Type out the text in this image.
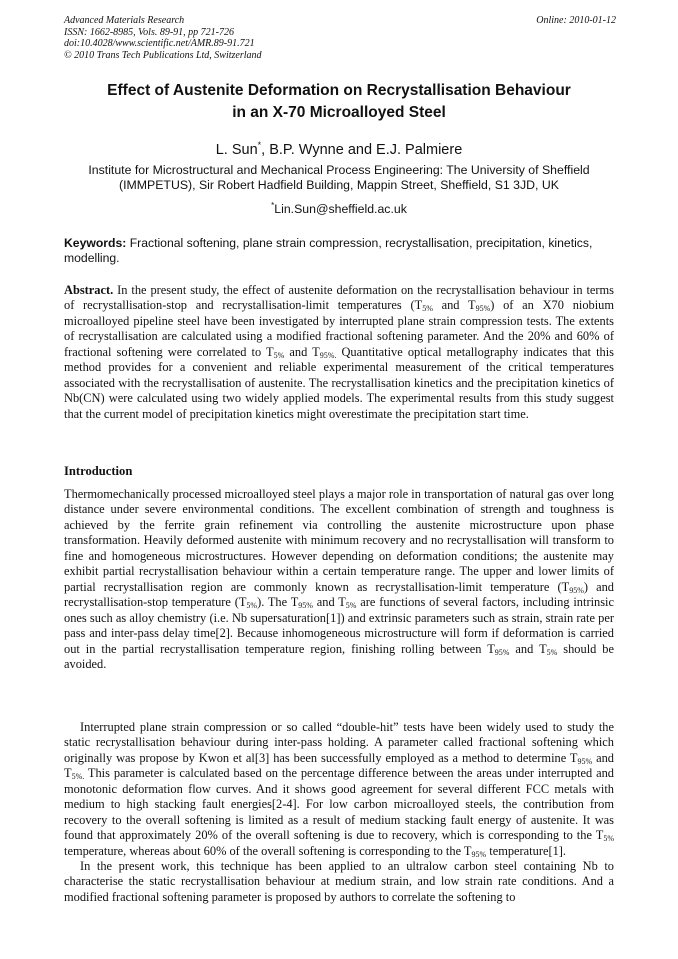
Advanced Materials Research
ISSN: 1662-8985, Vols. 89-91, pp 721-726
doi:10.4028/www.scientific.net/AMR.89-91.721
© 2010 Trans Tech Publications Ltd, Switzerland
Online: 2010-01-12
Effect of Austenite Deformation on Recrystallisation Behaviour
in an X-70 Microalloyed Steel
L. Sun*, B.P. Wynne and E.J. Palmiere
Institute for Microstructural and Mechanical Process Engineering: The University of Sheffield
(IMMPETUS), Sir Robert Hadfield Building, Mappin Street, Sheffield, S1 3JD, UK
*Lin.Sun@sheffield.ac.uk
Keywords: Fractional softening, plane strain compression, recrystallisation, precipitation, kinetics, modelling.
Abstract. In the present study, the effect of austenite deformation on the recrystallisation behaviour in terms of recrystallisation-stop and recrystallisation-limit temperatures ($T_{5\%}$ and $T_{95\%}$) of an X70 niobium microalloyed pipeline steel have been investigated by interrupted plane strain compression tests. The extents of recrystallisation are calculated using a modified fractional softening parameter. And the 20% and 60% of fractional softening were correlated to $T_{5\%}$ and $T_{95\%.}$ Quantitative optical metallography indicates that this method provides for a convenient and reliable experimental measurement of the critical temperatures associated with the recrystallisation of austenite. The recrystallisation kinetics and the precipitation kinetics of Nb(CN) were calculated using two widely applied models. The experimental results from this study suggest that the current model of precipitation kinetics might overestimate the precipitation start time.
Introduction
Thermomechanically processed microalloyed steel plays a major role in transportation of natural gas over long distance under severe environmental conditions. The excellent combination of strength and toughness is achieved by the ferrite grain refinement via controlling the austenite microstructure upon phase transformation. Heavily deformed austenite with minimum recovery and no recrystallisation will transform to fine and homogeneous microstructures. However depending on deformation conditions; the austenite may exhibit partial recrystallisation behaviour within a certain temperature range. The upper and lower limits of partial recrystallisation region are commonly known as recrystallisation-limit temperature $(T_{95\%})$ and recrystallisation-stop temperature $(T_{5\%})$. The $T_{95\%}$ and $T_{5\%}$ are functions of several factors, including intrinsic ones such as alloy chemistry (i.e. Nb supersaturation[1]) and extrinsic parameters such as strain, strain rate per pass and inter-pass delay time[2]. Because inhomogeneous microstructure will form if deformation is carried out in the partial recrystallisation temperature region, finishing rolling between $T_{95\%}$ and $T_{5\%}$ should be avoided.
Interrupted plane strain compression or so called “double-hit” tests have been widely used to study the static recrystallisation behaviour during inter-pass holding. A parameter called fractional softening which originally was propose by Kwon et al[3] has been successfully employed as a method to determine $T_{95\%}$ and $T_{5\%.}$ This parameter is calculated based on the percentage difference between the areas under interrupted and monotonic deformation flow curves. And it shows good agreement for several different FCC metals with medium to high stacking fault energies[2-4]. For low carbon microalloyed steels, the contribution from recovery to the overall softening is limited as a result of medium stacking fault energy of austenite. It was found that approximately 20% of the overall softening is due to recovery, which is corresponding to the $T_{5\%}$ temperature, whereas about 60% of the overall softening is corresponding to the $T_{95\%}$ temperature[1].
In the present work, this technique has been applied to an ultralow carbon steel containing Nb to characterise the static recrystallisation behaviour at medium strain, and low strain rate conditions. And a modified fractional softening parameter is proposed by authors to correlate the softening to
